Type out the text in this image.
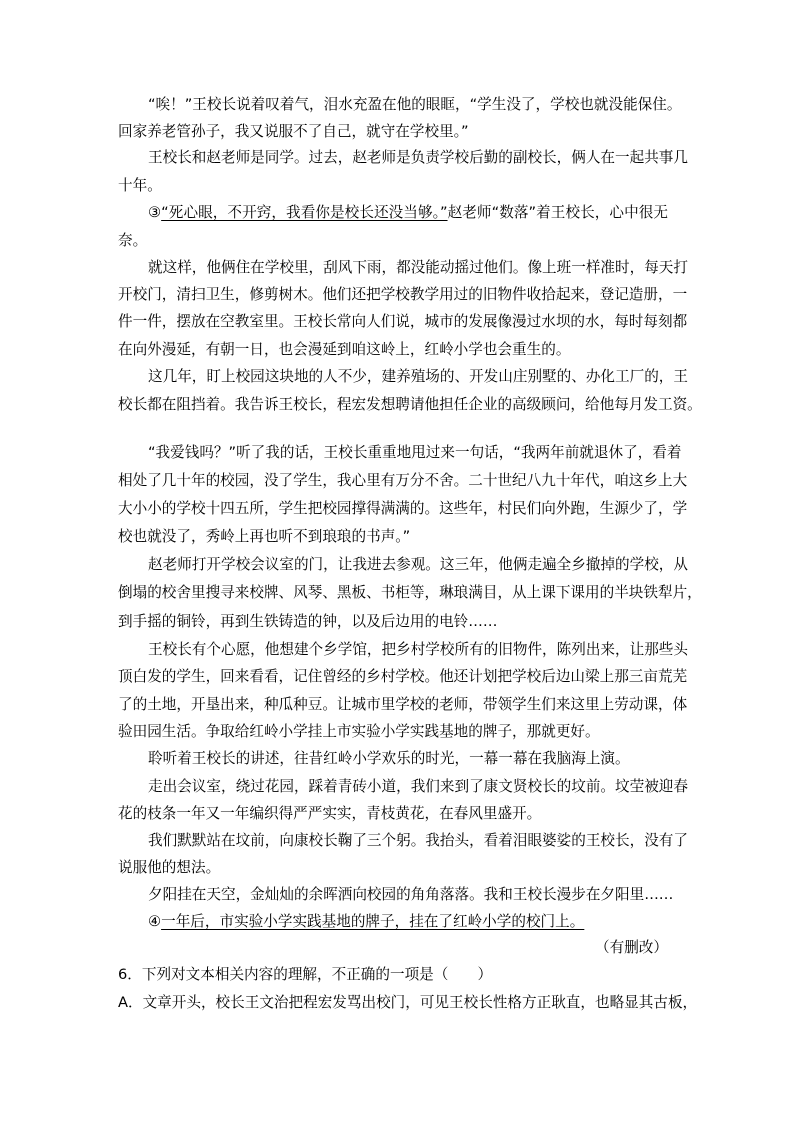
“唉！”王校长说着叹着气，泪水充盈在他的眼眶，“学生没了，学校也就没能保住。
回家养老管孙子，我又说服不了自己，就守在学校里。”
王校长和赵老师是同学。过去，赵老师是负责学校后勤的副校长，俩人在一起共事几
十年。
③“死心眼，不开窍，我看你是校长还没当够。”赵老师“数落”着王校长，心中很无
奈。
就这样，他俩住在学校里，刮风下雨，都没能动摇过他们。像上班一样准时，每天打
开校门，清扫卫生，修剪树木。他们还把学校教学用过的旧物件收拾起来，登记造册，一
件一件，摆放在空教室里。王校长常向人们说，城市的发展像漫过水坝的水，每时每刻都
在向外漫延，有朝一日，也会漫延到咱这岭上，红岭小学也会重生的。
这几年，盯上校园这块地的人不少，建养殖场的、开发山庄别墅的、办化工厂的，王
校长都在阻挡着。我告诉王校长，程宏发想聘请他担任企业的高级顾问，给他每月发工资。
“我爱钱吗？”听了我的话，王校长重重地甩过来一句话，“我两年前就退休了，看着
相处了几十年的校园，没了学生，我心里有万分不舍。二十世纪八九十年代，咱这乡上大
大小小的学校十四五所，学生把校园撑得满满的。这些年，村民们向外跑，生源少了，学
校也就没了，秀岭上再也听不到琅琅的书声。”
赵老师打开学校会议室的门，让我进去参观。这三年，他俩走遍全乡撤掉的学校，从
倒塌的校舍里搜寻来校牌、风琴、黑板、书柜等，琳琅满目，从上课下课用的半块铁犁片，
到手摇的铜铃，再到生铁铸造的钟，以及后边用的电铃……
王校长有个心愿，他想建个乡学馆，把乡村学校所有的旧物件，陈列出来，让那些头
顶白发的学生，回来看看，记住曾经的乡村学校。他还计划把学校后边山梁上那三亩荒芜
了的土地，开垦出来，种瓜种豆。让城市里学校的老师，带领学生们来这里上劳动课，体
验田园生活。争取给红岭小学挂上市实验小学实践基地的牌子，那就更好。
聆听着王校长的讲述，往昔红岭小学欢乐的时光，一幕一幕在我脑海上演。
走出会议室，绕过花园，踩着青砖小道，我们来到了康文贤校长的坟前。坟茔被迎春
花的枝条一年又一年编织得严严实实，青枝黄花，在春风里盛开。
我们默默站在坟前，向康校长鞠了三个躬。我抬头，看着泪眼婆娑的王校长，没有了
说服他的想法。
夕阳挂在天空，金灿灿的余晖洒向校园的角角落落。我和王校长漫步在夕阳里……
④一年后，市实验小学实践基地的牌子，挂在了红岭小学的校门上。
（有删改）
6．下列对文本相关内容的理解，不正确的一项是（　　）
A．文章开头，校长王文治把程宏发骂出校门，可见王校长性格方正耿直，也略显其古板，
